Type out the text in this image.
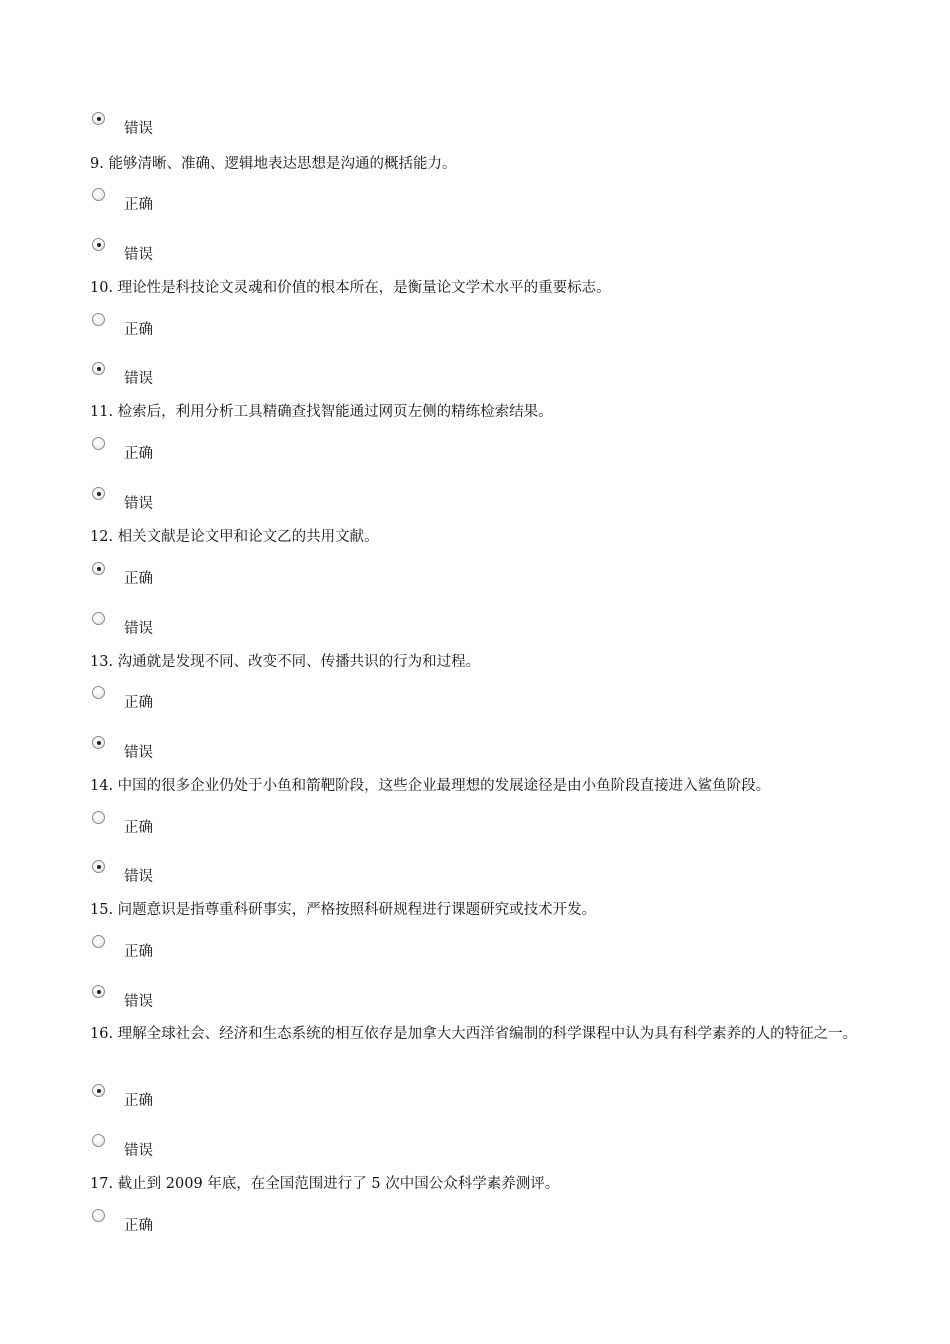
错误
9. 能够清晰、准确、逻辑地表达思想是沟通的概括能力。
正确
错误
10. 理论性是科技论文灵魂和价值的根本所在，是衡量论文学术水平的重要标志。
正确
错误
11. 检索后，利用分析工具精确查找智能通过网页左侧的精练检索结果。
正确
错误
12. 相关文献是论文甲和论文乙的共用文献。
正确
错误
13. 沟通就是发现不同、改变不同、传播共识的行为和过程。
正确
错误
14. 中国的很多企业仍处于小鱼和箭靶阶段，这些企业最理想的发展途径是由小鱼阶段直接进入鲨鱼阶段。
正确
错误
15. 问题意识是指尊重科研事实，严格按照科研规程进行课题研究或技术开发。
正确
错误
16. 理解全球社会、经济和生态系统的相互依存是加拿大大西洋省编制的科学课程中认为具有科学素养的人的特征之一。
正确
错误
17. 截止到 2009 年底，在全国范围进行了 5 次中国公众科学素养测评。
正确
